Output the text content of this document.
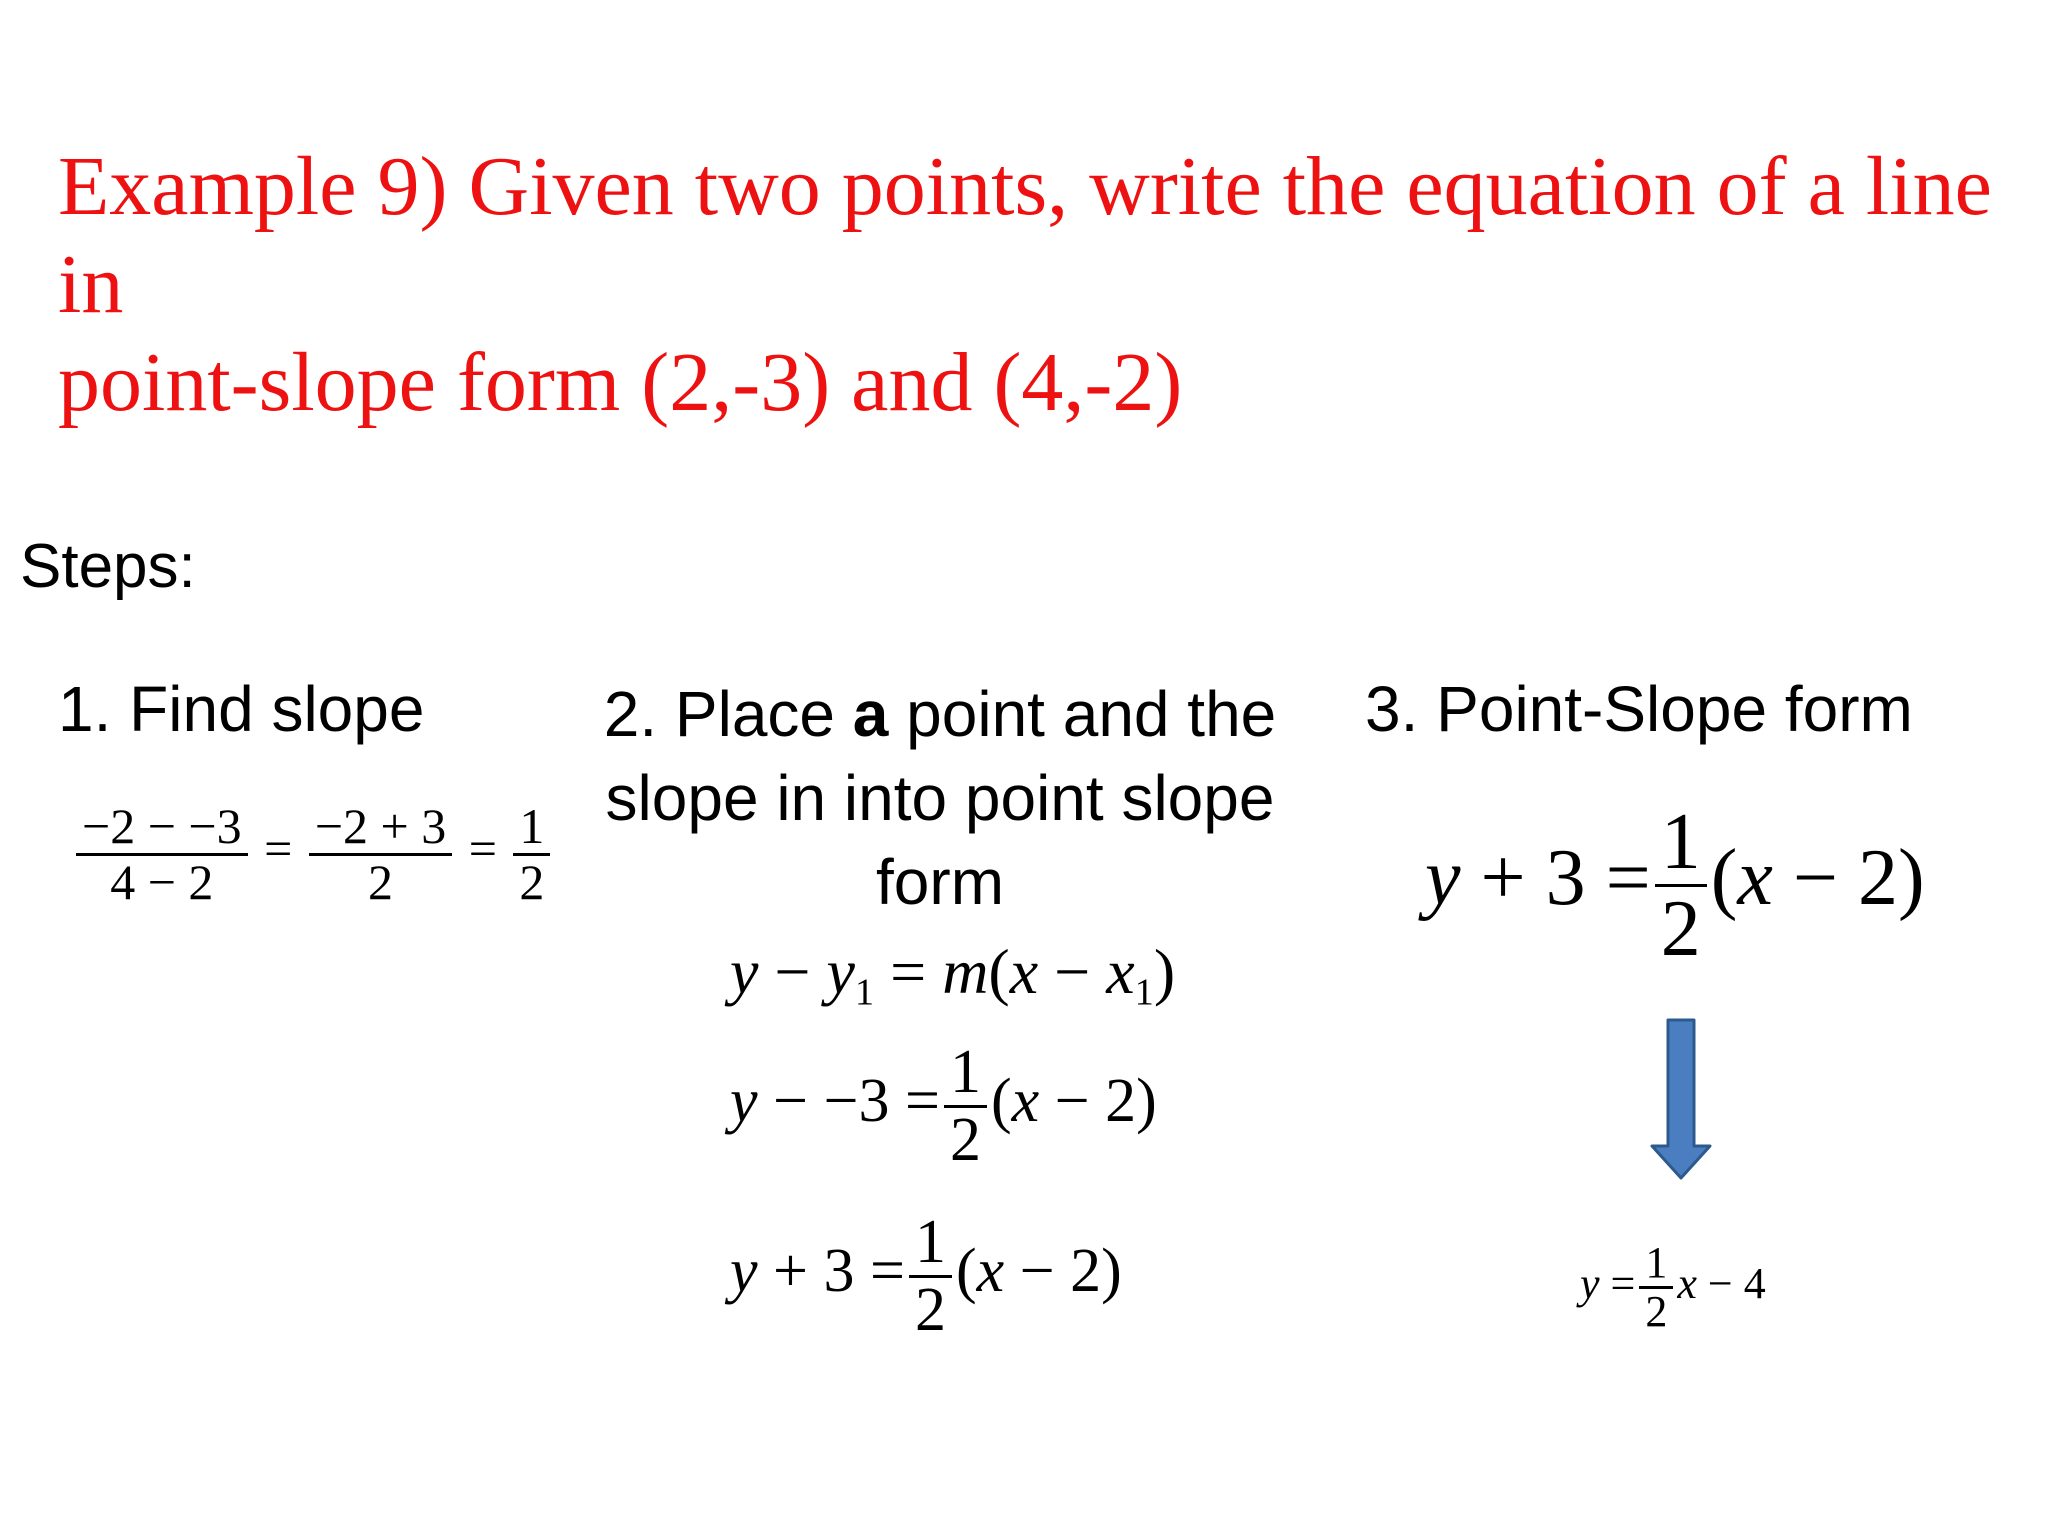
Example 9) Given two points, write the equation of a line in
point-slope form (2,-3) and (4,-2)
Steps:
1. Find slope	2. Place a point and the slope in into point slope form
3. Point-Slope form
$\frac{-2 - -3}{4 - 2} = \frac{-2 + 3}{2} = \frac{1}{2}$
$y - y_1 = m(x - x_1)$
$y - -3 = \frac{1}{2} (x - 2)$
$y + 3 = \frac{1}{2} (x - 2)$
$y + 3 = \frac{1}{2} (x - 2)$
$y = \frac{1}{2}$ x − 4
